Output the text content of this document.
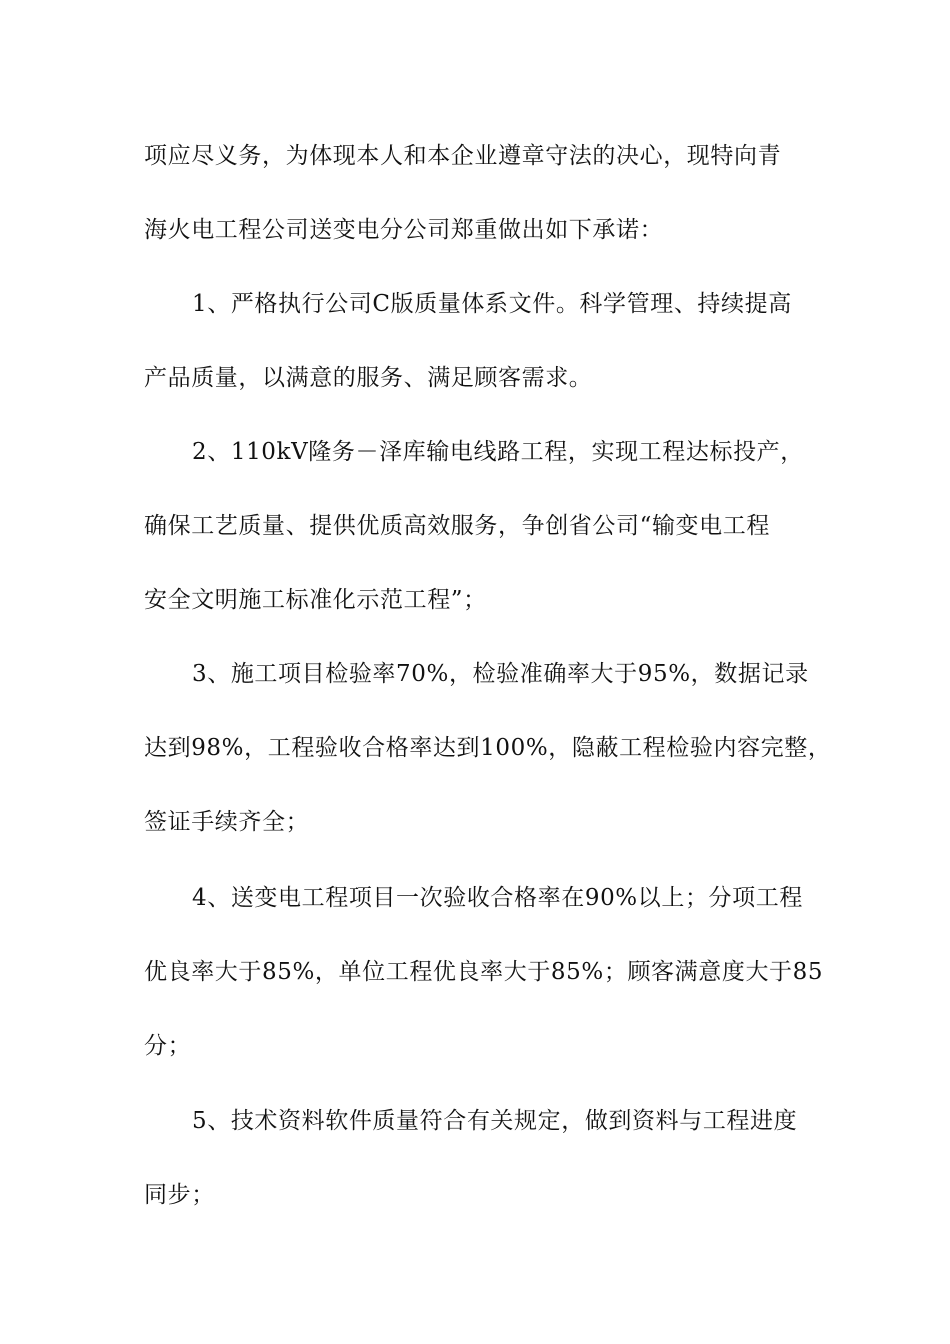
项应尽义务，为体现本人和本企业遵章守法的决心，现特向青
海火电工程公司送变电分公司郑重做出如下承诺：
1、严格执行公司C版质量体系文件。科学管理、持续提高
产品质量，以满意的服务、满足顾客需求。
2、110kV隆务－泽库输电线路工程，实现工程达标投产，
确保工艺质量、提供优质高效服务，争创省公司“输变电工程
安全文明施工标准化示范工程”；
3、施工项目检验率70%，检验准确率大于95%，数据记录
达到98%，工程验收合格率达到100%，隐蔽工程检验内容完整，
签证手续齐全；
4、送变电工程项目一次验收合格率在90%以上；分项工程
优良率大于85%，单位工程优良率大于85%；顾客满意度大于85
分；
5、技术资料软件质量符合有关规定，做到资料与工程进度
同步；
